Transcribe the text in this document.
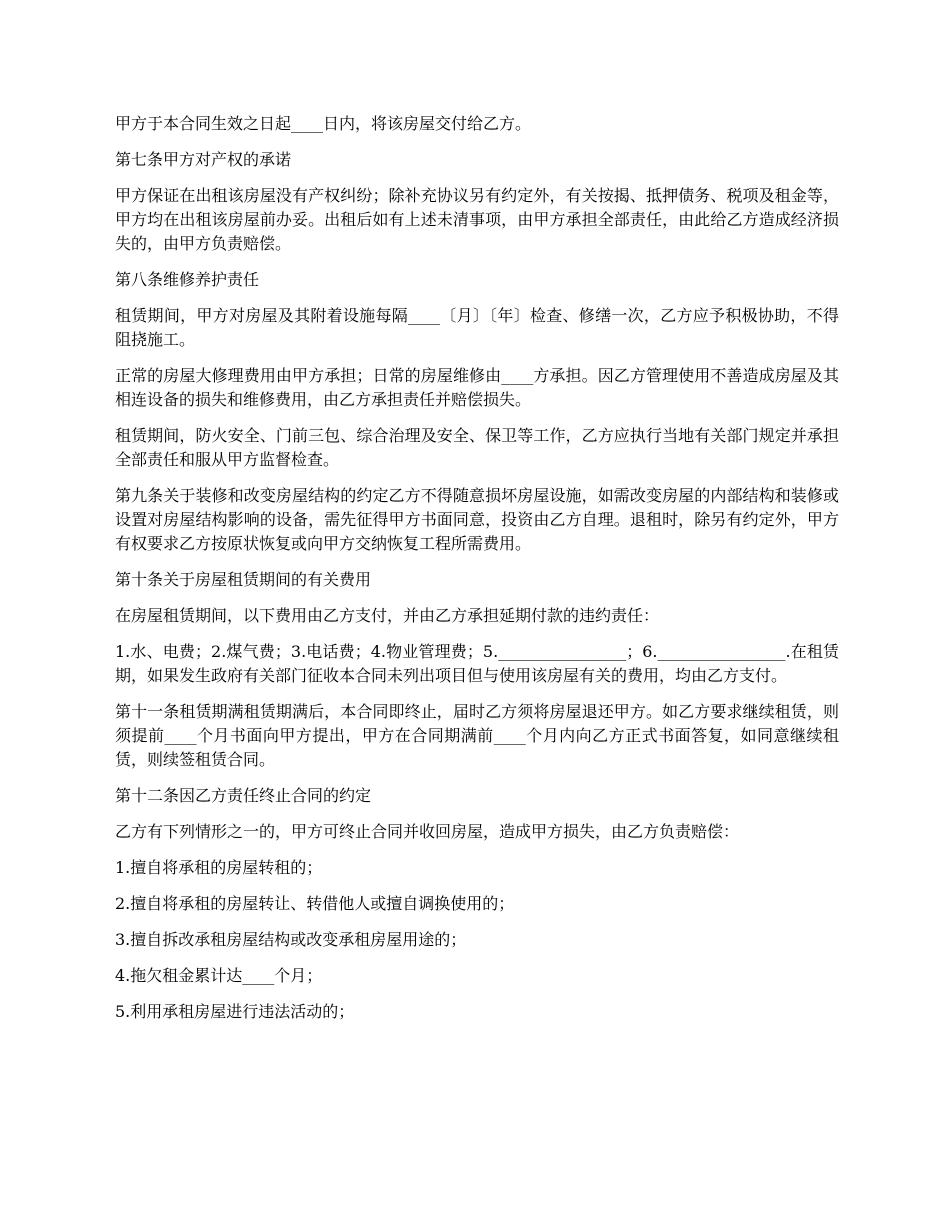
甲方于本合同生效之日起____日内，将该房屋交付给乙方。

第七条甲方对产权的承诺

甲方保证在出租该房屋没有产权纠纷；除补充协议另有约定外，有关按揭、抵押债务、税项及租金等，甲方均在出租该房屋前办妥。出租后如有上述未清事项，由甲方承担全部责任，由此给乙方造成经济损失的，由甲方负责赔偿。

第八条维修养护责任

租赁期间，甲方对房屋及其附着设施每隔____〔月〕〔年〕检查、修缮一次，乙方应予积极协助，不得阻挠施工。

正常的房屋大修理费用由甲方承担；日常的房屋维修由____方承担。因乙方管理使用不善造成房屋及其相连设备的损失和维修费用，由乙方承担责任并赔偿损失。

租赁期间，防火安全、门前三包、综合治理及安全、保卫等工作，乙方应执行当地有关部门规定并承担全部责任和服从甲方监督检查。

第九条关于装修和改变房屋结构的约定乙方不得随意损坏房屋设施，如需改变房屋的内部结构和装修或设置对房屋结构影响的设备，需先征得甲方书面同意，投资由乙方自理。退租时，除另有约定外，甲方有权要求乙方按原状恢复或向甲方交纳恢复工程所需费用。

第十条关于房屋租赁期间的有关费用

在房屋租赁期间，以下费用由乙方支付，并由乙方承担延期付款的违约责任：

1.水、电费；2.煤气费；3.电话费；4.物业管理费；5.________________；6.________________.在租赁期，如果发生政府有关部门征收本合同未列出项目但与使用该房屋有关的费用，均由乙方支付。

第十一条租赁期满租赁期满后，本合同即终止，届时乙方须将房屋退还甲方。如乙方要求继续租赁，则须提前____个月书面向甲方提出，甲方在合同期满前____个月内向乙方正式书面答复，如同意继续租赁，则续签租赁合同。

第十二条因乙方责任终止合同的约定

乙方有下列情形之一的，甲方可终止合同并收回房屋，造成甲方损失，由乙方负责赔偿：

1.擅自将承租的房屋转租的；

2.擅自将承租的房屋转让、转借他人或擅自调换使用的；

3.擅自拆改承租房屋结构或改变承租房屋用途的；

4.拖欠租金累计达____个月；

5.利用承租房屋进行违法活动的；
